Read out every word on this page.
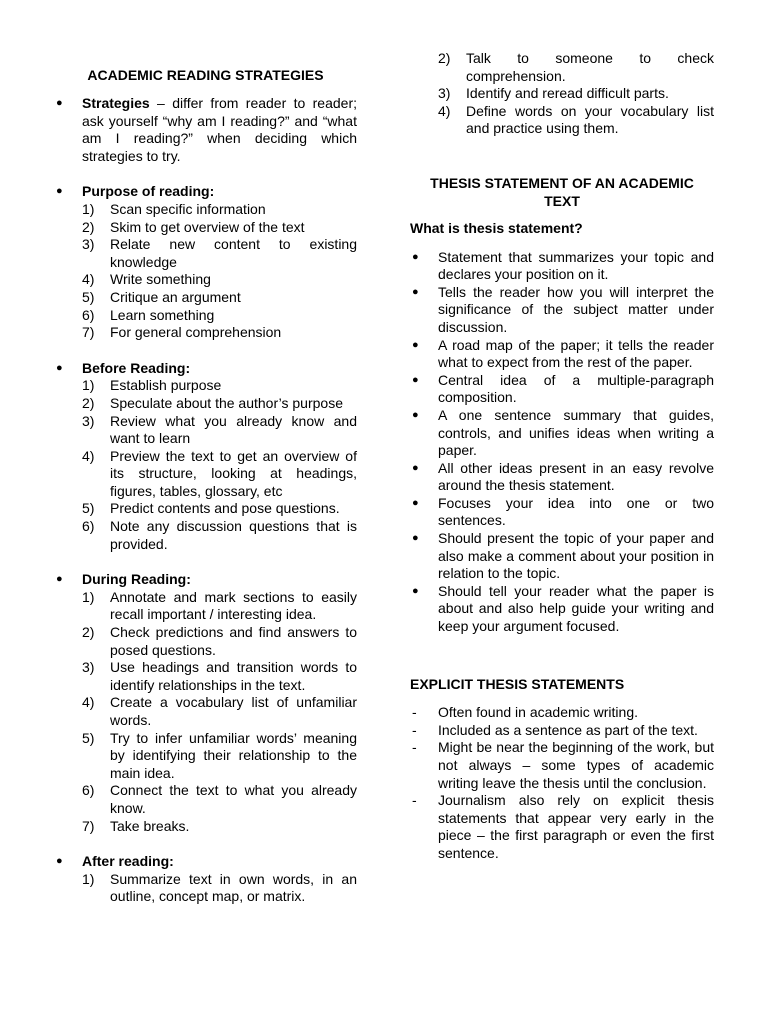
ACADEMIC READING STRATEGIES
● Strategies – differ from reader to reader; ask yourself “why am I reading?” and “what am I reading?” when deciding which strategies to try.
● Purpose of reading:
1) Scan specific information
2) Skim to get overview of the text
3) Relate new content to existing knowledge
4) Write something
5) Critique an argument
6) Learn something
7) For general comprehension
● Before Reading:
1) Establish purpose
2) Speculate about the author’s purpose
3) Review what you already know and want to learn
4) Preview the text to get an overview of its structure, looking at headings, figures, tables, glossary, etc
5) Predict contents and pose questions.
6) Note any discussion questions that is provided.
● During Reading:
1) Annotate and mark sections to easily recall important / interesting idea.
2) Check predictions and find answers to posed questions.
3) Use headings and transition words to identify relationships in the text.
4) Create a vocabulary list of unfamiliar words.
5) Try to infer unfamiliar words’ meaning by identifying their relationship to the main idea.
6) Connect the text to what you already know.
7) Take breaks.
● After reading:
1) Summarize text in own words, in an outline, concept map, or matrix.
2) Talk to someone to check comprehension.
3) Identify and reread difficult parts.
4) Define words on your vocabulary list and practice using them.
THESIS STATEMENT OF AN ACADEMIC TEXT
What is thesis statement?
● Statement that summarizes your topic and declares your position on it.
● Tells the reader how you will interpret the significance of the subject matter under discussion.
● A road map of the paper; it tells the reader what to expect from the rest of the paper.
● Central idea of a multiple-paragraph composition.
● A one sentence summary that guides, controls, and unifies ideas when writing a paper.
● All other ideas present in an easy revolve around the thesis statement.
● Focuses your idea into one or two sentences.
● Should present the topic of your paper and also make a comment about your position in relation to the topic.
● Should tell your reader what the paper is about and also help guide your writing and keep your argument focused.
EXPLICIT THESIS STATEMENTS
- Often found in academic writing.
- Included as a sentence as part of the text.
- Might be near the beginning of the work, but not always – some types of academic writing leave the thesis until the conclusion.
- Journalism also rely on explicit thesis statements that appear very early in the piece – the first paragraph or even the first sentence.
